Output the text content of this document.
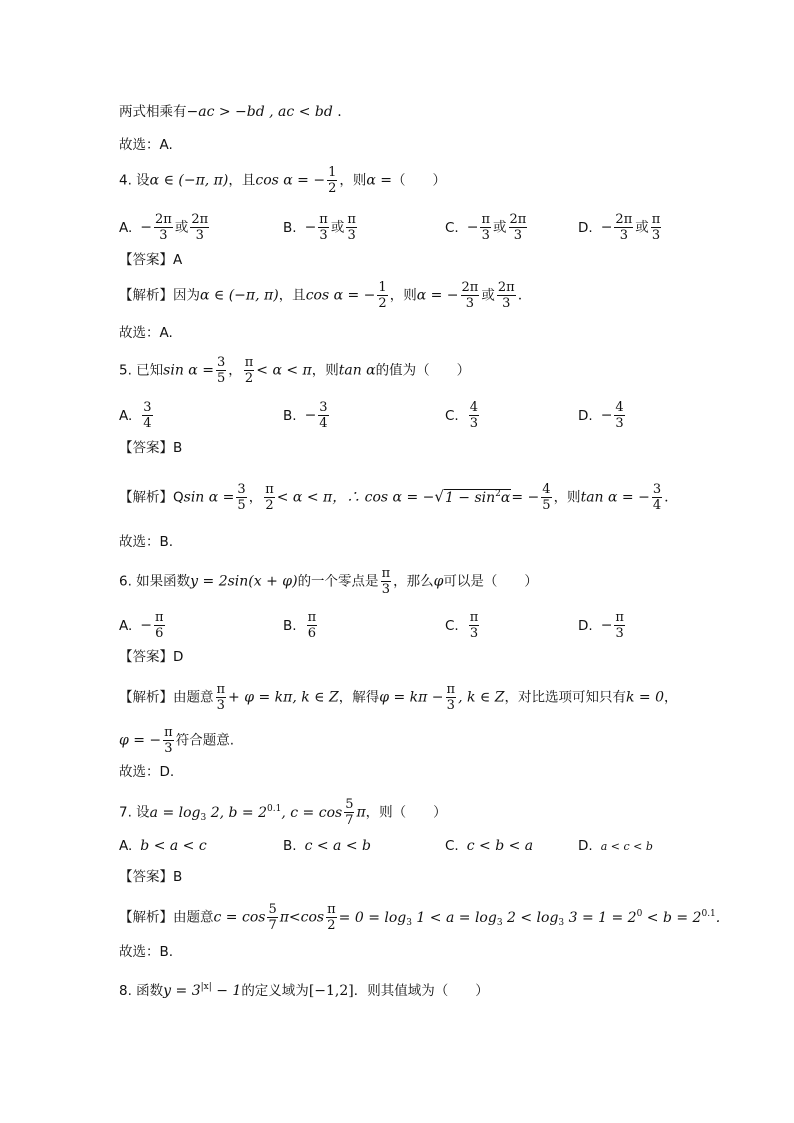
两式相乘有−ac > −bd , ac < bd .
故选：A.
4. 设α ∈ (−π, π)，且cos α = − $\frac{1}{2}$ ，则α =（　　）
A. − $\frac{2\pi}{3}$ 或 $\frac{2\pi}{3}$	B. − $\frac{\pi}{3}$ 或 $\frac{\pi}{3}$	C. − $\frac{\pi}{3}$ 或 $\frac{2\pi}{3}$	D. − $\frac{2\pi}{3}$ 或 $\frac{\pi}{3}$
【答案】A
【解析】因为α ∈ (−π, π)，且cos α = − $\frac{1}{2}$ ，则α = − $\frac{2\pi}{3}$ 或 $\frac{2\pi}{3}$ .
故选：A.
5. 已知$\sin \alpha = \frac{3}{5}$ ， $\frac{\pi}{2} < \alpha < \pi$，则tan α的值为（　　）
A. $\frac{3}{4}$	B. − $\frac{3}{4}$	C. $\frac{4}{3}$	D. − $\frac{4}{3}$
【答案】B
【解析】Qsin $\alpha = \frac{3}{5}$ ， $\frac{\pi}{2} < \alpha < \pi$，∴ $\cos \alpha = -√1 - \sin^2\alpha= - \frac{4}{5}$ ，则tan α = − $\frac{3}{4}$ .
故选：B.
6. 如果函数y = 2sin(x + φ)的一个零点是 $\frac{\pi}{3}$ ，那么φ可以是（　　）
A. − $\frac{\pi}{6}$	B. $\frac{\pi}{6}$	C. $\frac{\pi}{3}$	D. − $\frac{\pi}{3}$
【答案】D
【解析】由题意 $\frac{\pi}{3} + \varphi = k\pi$, k ∈ Z，解得$\varphi = k\pi - \frac{\pi}{3}$ , k ∈ Z，对比选项可知只有k = 0，
φ = − $\frac{\pi}{3}$ 符合题意.
故选：D.
7. 设$a = \log_3 2$, $b = 2^{0.1}$, $c = \cos \frac{5}{7}$ π，则（　　）
A. b < a < c	B. c < a < b	C. c < b < a	D. a < c < b
【答案】B
【解析】由题意$c = \cos \frac{5}{7} \pi<\cos \frac{\pi}{2} = 0 = \log_3 1 < a = \log_3 2 < \log_3 3 = 1 = 2^0 < b = 2^{0.1}$.
故选：B.
8. 函数$y = 3^{|x|} - 1$的定义域为[−1,2]．则其值域为（　　）
